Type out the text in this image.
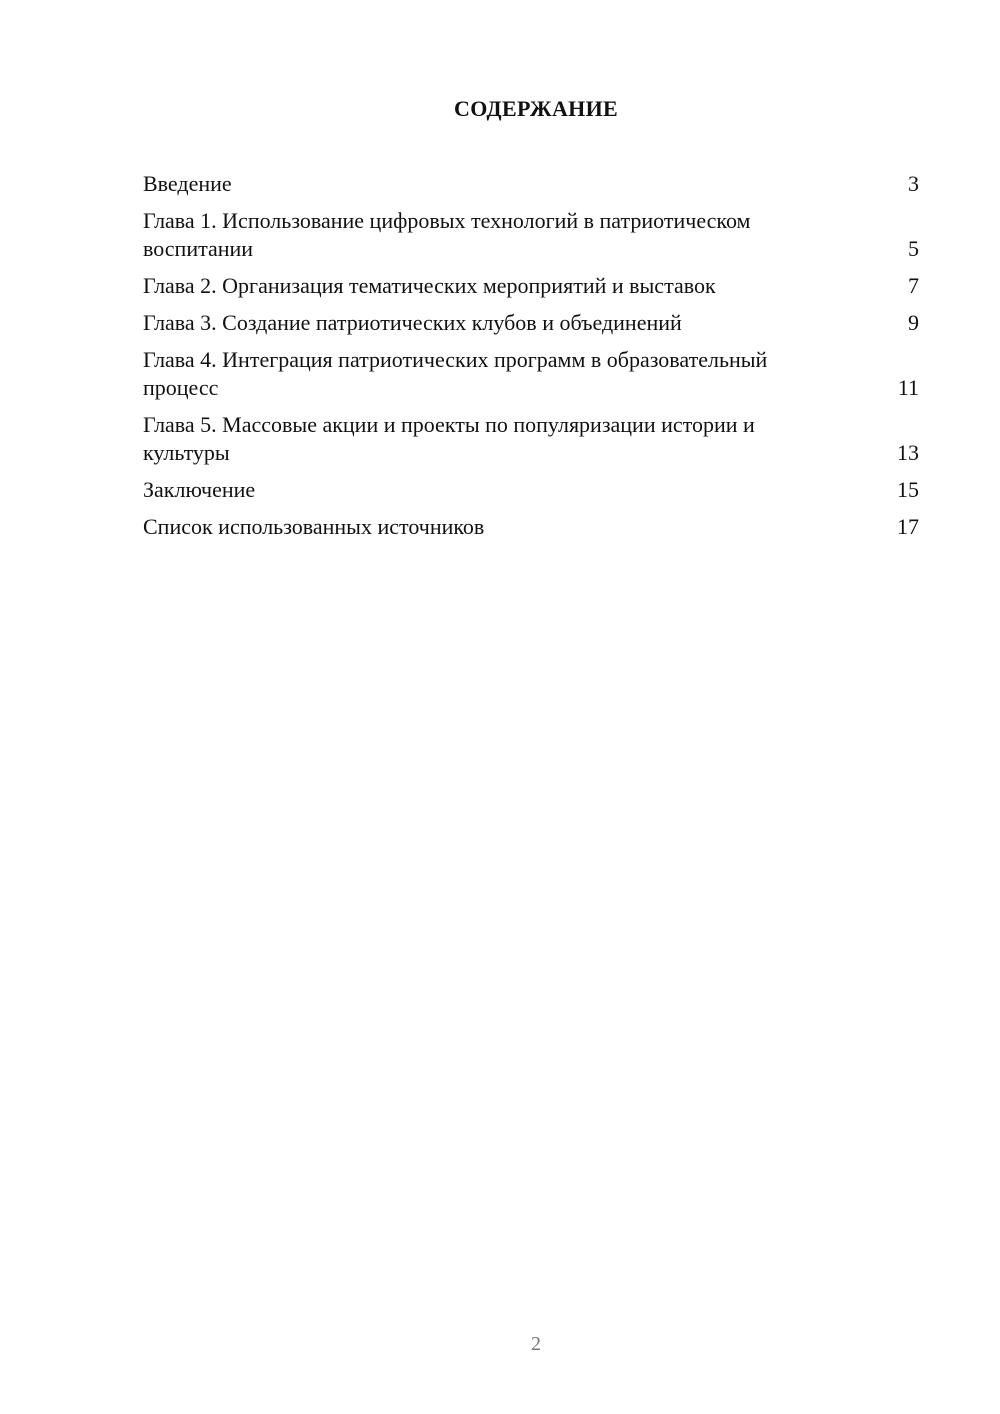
СОДЕРЖАНИЕ
Введение	3
Глава 1. Использование цифровых технологий в патриотическом воспитании	5
Глава 2. Организация тематических мероприятий и выставок	7
Глава 3. Создание патриотических клубов и объединений	9
Глава 4. Интеграция патриотических программ в образовательный процесс	11
Глава 5. Массовые акции и проекты по популяризации истории и культуры	13
Заключение	15
Список использованных источников	17
2
